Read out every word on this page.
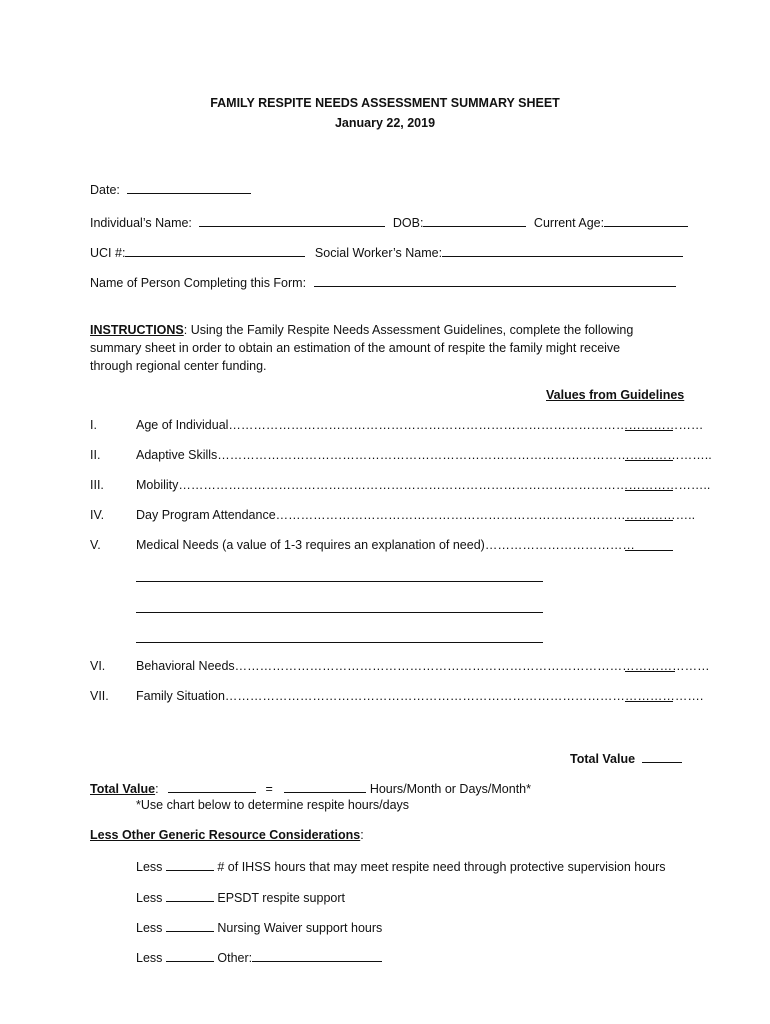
FAMILY RESPITE NEEDS ASSESSMENT SUMMARY SHEET
January 22, 2019
Date:
Individual’s Name:	DOB:	Current Age:
UCI #:	Social Worker’s Name:
Name of Person Completing this Form:

INSTRUCTIONS: Using the Family Respite Needs Assessment Guidelines, complete the following summary sheet in order to obtain an estimation of the amount of respite the family might receive through regional center funding.

Values from Guidelines
I.	Age of Individual……………………………………………………………………………………………………
II.	Adaptive Skills………………………………………………………………………………………………………..
III.	Mobility………………………………………………………………………………………………………………..
IV.	Day Program Attendance………………………………………………………………………………………..
V.	Medical Needs (a value of 1-3 requires an explanation of need)………………………………
VI. Behavioral Needs……………………………………………………………………………………………………
VII. Family Situation…………………………………………………………………………………………………….
Total Value
Total Value:	=	Hours/Month or Days/Month*
*Use chart below to determine respite hours/days
Less Other Generic Resource Considerations:
Less	# of IHSS hours that may meet respite need through protective supervision hours
Less	EPSDT respite support
Less	Nursing Waiver support hours
Less	Other:
